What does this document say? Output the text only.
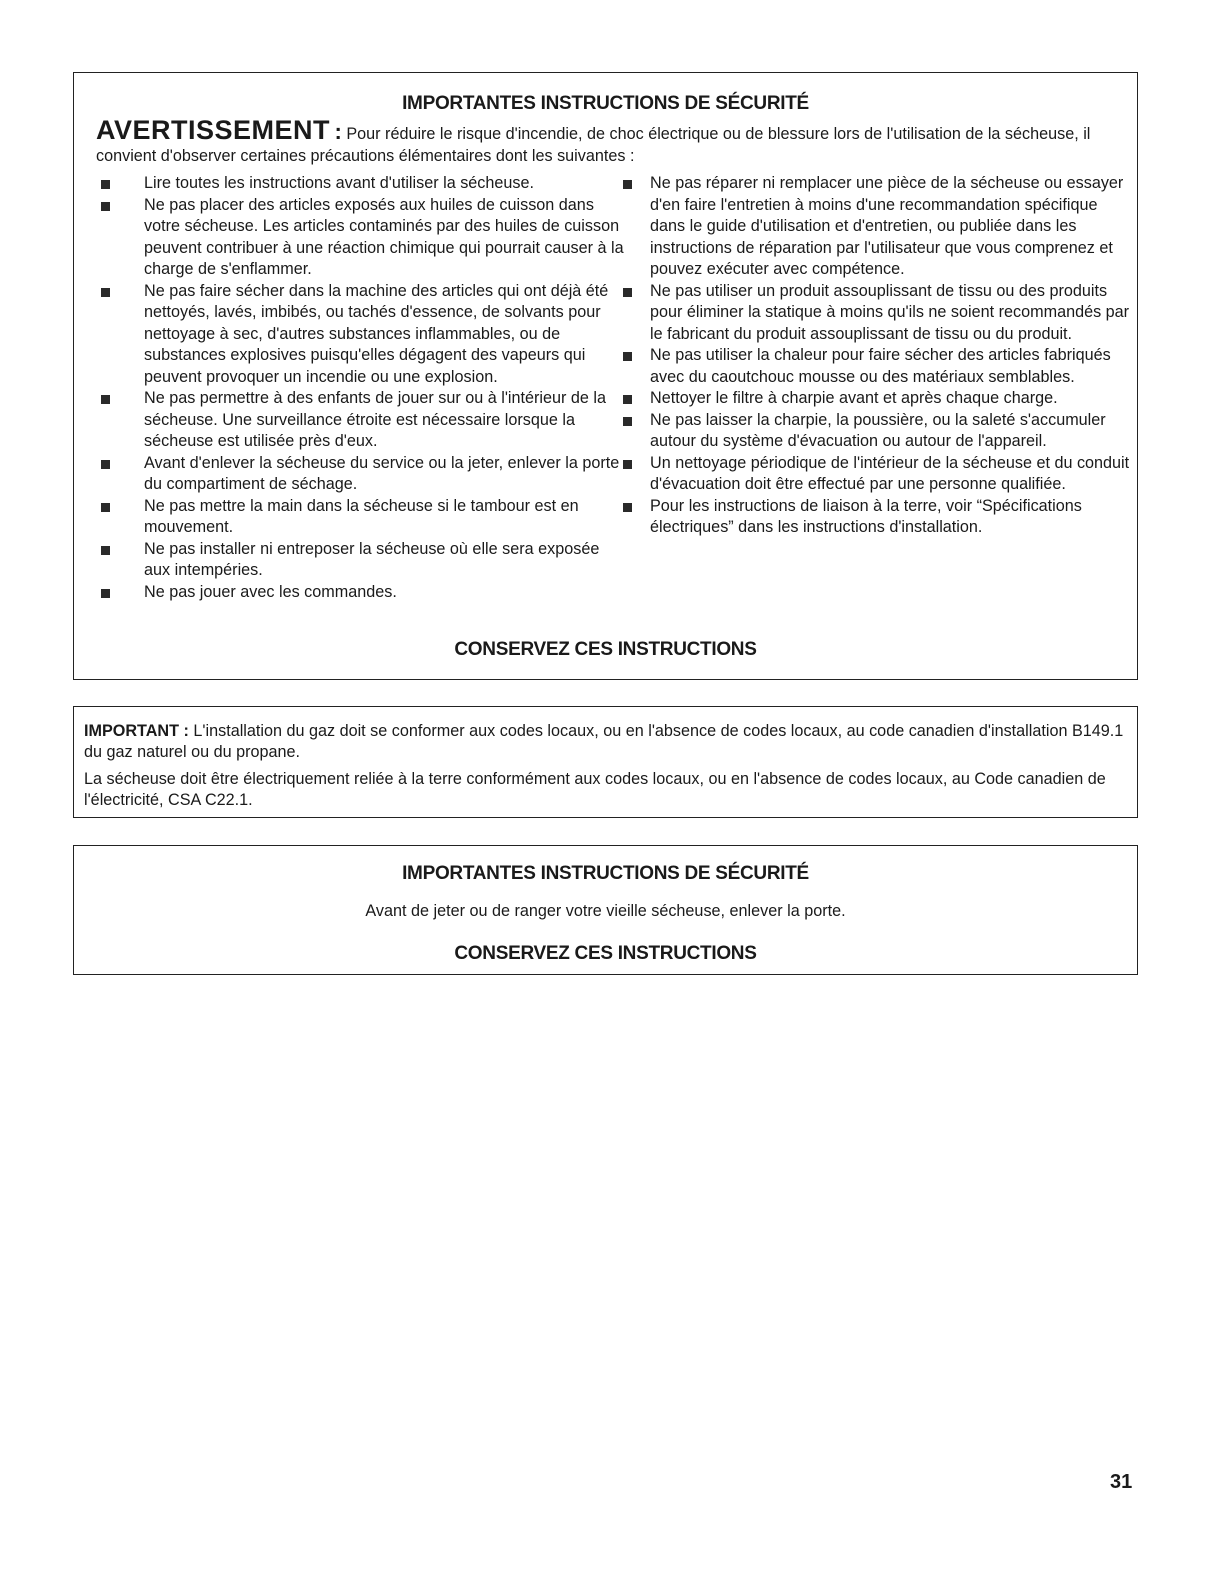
IMPORTANTES INSTRUCTIONS DE SÉCURITÉ
AVERTISSEMENT : Pour réduire le risque d'incendie, de choc électrique ou de blessure lors de l'utilisation de la sécheuse, il convient d'observer certaines précautions élémentaires dont les suivantes :
Lire toutes les instructions avant d'utiliser la sécheuse.
Ne pas placer des articles exposés aux huiles de cuisson dans votre sécheuse. Les articles contaminés par des huiles de cuisson peuvent contribuer à une réaction chimique qui pourrait causer à la charge de s'enflammer.
Ne pas faire sécher dans la machine des articles qui ont déjà été nettoyés, lavés, imbibés, ou tachés d'essence, de solvants pour nettoyage à sec, d'autres substances inflammables, ou de substances explosives puisqu'elles dégagent des vapeurs qui peuvent provoquer un incendie ou une explosion.
Ne pas permettre à des enfants de jouer sur ou à l'intérieur de la sécheuse. Une surveillance étroite est nécessaire lorsque la sécheuse est utilisée près d'eux.
Avant d'enlever la sécheuse du service ou la jeter, enlever la porte du compartiment de séchage.
Ne pas mettre la main dans la sécheuse si le tambour est en mouvement.
Ne pas installer ni entreposer la sécheuse où elle sera exposée aux intempéries.
Ne pas jouer avec les commandes.
Ne pas réparer ni remplacer une pièce de la sécheuse ou essayer d'en faire l'entretien à moins d'une recommandation spécifique dans le guide d'utilisation et d'entretien, ou publiée dans les instructions de réparation par l'utilisateur que vous comprenez et pouvez exécuter avec compétence.
Ne pas utiliser un produit assouplissant de tissu ou des produits pour éliminer la statique à moins qu'ils ne soient recommandés par le fabricant du produit assouplissant de tissu ou du produit.
Ne pas utiliser la chaleur pour faire sécher des articles fabriqués avec du caoutchouc mousse ou des matériaux semblables.
Nettoyer le filtre à charpie avant et après chaque charge.
Ne pas laisser la charpie, la poussière, ou la saleté s'accumuler autour du système d'évacuation ou autour de l'appareil.
Un nettoyage périodique de l'intérieur de la sécheuse et du conduit d'évacuation doit être effectué par une personne qualifiée.
Pour les instructions de liaison à la terre, voir “Spécifications électriques” dans les instructions d'installation.
CONSERVEZ CES INSTRUCTIONS
IMPORTANT : L'installation du gaz doit se conformer aux codes locaux, ou en l'absence de codes locaux, au code canadien d'installation B149.1 du gaz naturel ou du propane.
La sécheuse doit être électriquement reliée à la terre conformément aux codes locaux, ou en l'absence de codes locaux, au Code canadien de l'électricité, CSA C22.1.
IMPORTANTES INSTRUCTIONS DE SÉCURITÉ
Avant de jeter ou de ranger votre vieille sécheuse, enlever la porte.
CONSERVEZ CES INSTRUCTIONS
31
